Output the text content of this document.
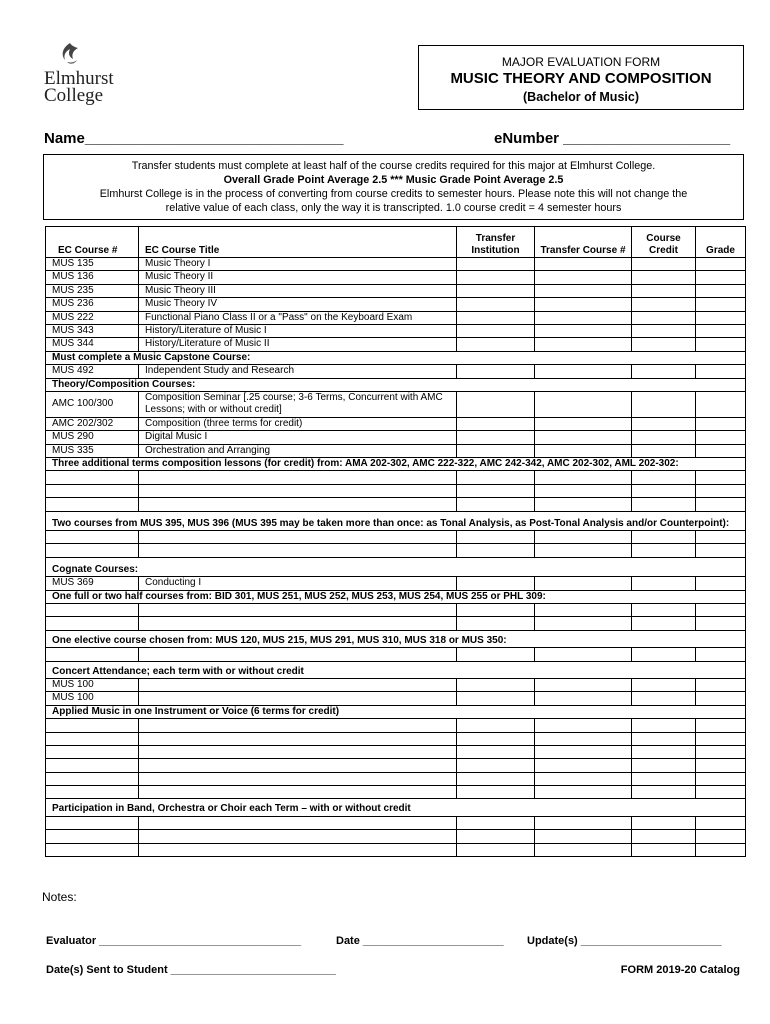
Elmhurst
College
MAJOR EVALUATION FORM
MUSIC THEORY AND COMPOSITION
(Bachelor of Music)
Name_______________________________	eNumber ____________________
Transfer students must complete at least half of the course credits required for this major at Elmhurst College.
Overall Grade Point Average 2.5 *** Music Grade Point Average 2.5
Elmhurst College is in the process of converting from course credits to semester hours. Please note this will not change the
relative value of each class, only the way it is transcripted. 1.0 course credit = 4 semester hours
EC Course #	EC Course Title	Transfer Institution	Transfer Course #	Course Credit	Grade
MUS 135	Music Theory I				
MUS 136	Music Theory II				
MUS 235	Music Theory III				
MUS 236	Music Theory IV				
MUS 222	Functional Piano Class II or a "Pass" on the Keyboard Exam				
MUS 343	History/Literature of Music I				
MUS 344	History/Literature of Music II				
Must complete a Music Capstone Course:					
MUS 492	Independent Study and Research				
Theory/Composition Courses:					
AMC 100/300	Composition Seminar [.25 course; 3-6 Terms, Concurrent with AMC Lessons; with or without credit]				
AMC 202/302	Composition (three terms for credit)				
MUS 290	Digital Music I				
MUS 335	Orchestration and Arranging				
Three additional terms composition lessons (for credit) from: AMA 202-302, AMC 222-322, AMC 242-342, AMC 202-302, AML 202-302:					

Two courses from MUS 395, MUS 396 (MUS 395 may be taken more than once: as Tonal Analysis, as Post-Tonal Analysis and/or Counterpoint):					

Cognate Courses:					
MUS 369	Conducting I				
One full or two half courses from: BID 301, MUS 251, MUS 252, MUS 253, MUS 254, MUS 255 or PHL 309:					

One elective course chosen from: MUS 120, MUS 215, MUS 291, MUS 310, MUS 318 or MUS 350:					

Concert Attendance; each term with or without credit					
MUS 100					
MUS 100					
Applied Music in one Instrument or Voice (6 terms for credit)					

Participation in Band, Orchestra or Choir each Term – with or without credit					

Notes:
Evaluator _________________________________	Date _______________________ Update(s) _______________________
Date(s) Sent to Student ___________________________	FORM 2019-20 Catalog
